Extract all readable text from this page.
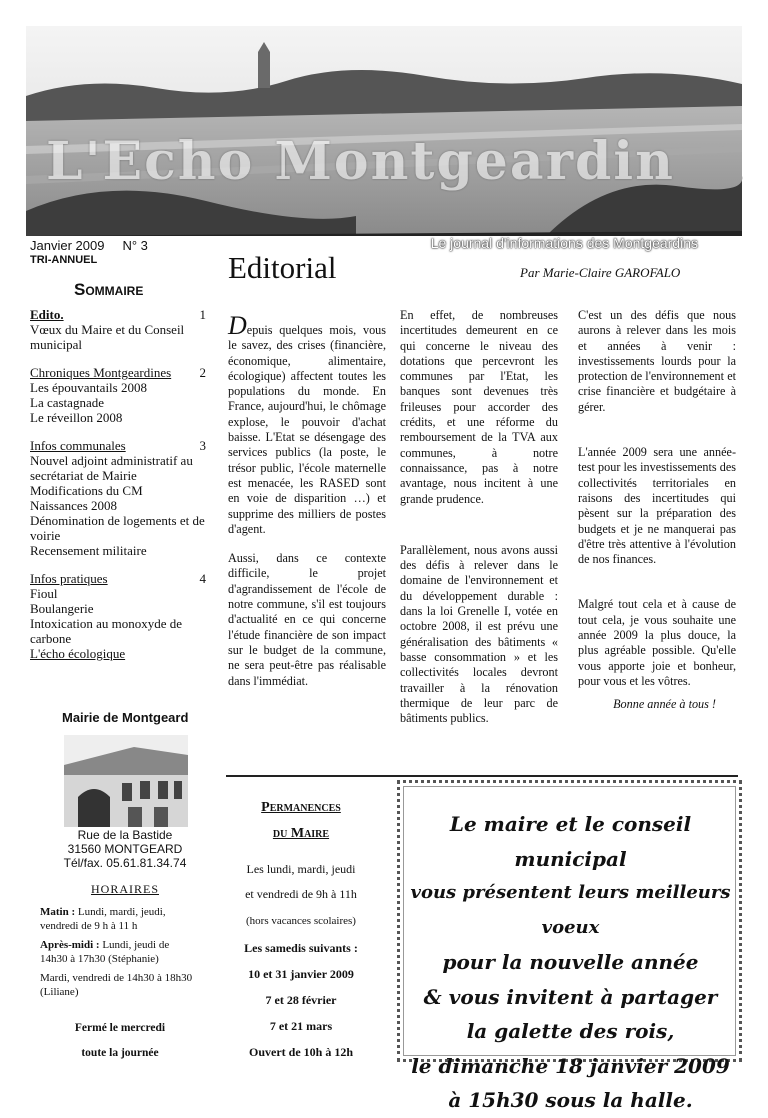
L'Echo Montgeardin
Le journal d'informations des Montgeardins
Janvier 2009 N° 3
TRI-ANNUEL
Sommaire
Edito.	1
Vœux du Maire et du Conseil municipal
Chroniques Montgeardines	2
Les épouvantails 2008
La castagnade
Le réveillon 2008
Infos communales	3
Nouvel adjoint administratif au secrétariat de Mairie
Modifications du CM
Naissances 2008
Dénomination de logements et de voirie
Recensement militaire
Infos pratiques	4
Fioul
Boulangerie
Intoxication au monoxyde de carbone
L'écho écologique
Mairie de Montgeard
Rue de la Bastide
31560 MONTGEARD
Tél/fax. 05.61.81.34.74
HORAIRES

Matin : Lundi, mardi, jeudi, vendredi de 9 h à 11 h

Après-midi : Lundi, jeudi de 14h30 à 17h30 (Stéphanie)

Mardi, vendredi de 14h30 à 18h30 (Liliane)

Fermé le mercredi
toute la journée
Editorial	Par Marie-Claire GAROFALO

Depuis quelques mois, vous le savez, des crises (financière, économique, alimentaire, écologique) affectent toutes les populations du monde. En France, aujourd'hui, le chômage explose, le pouvoir d'achat baisse. L'Etat se désengage des services publics (la poste, le trésor public, l'école maternelle est menacée, les RASED sont en voie de disparition …) et supprime des milliers de postes d'agent.

Aussi, dans ce contexte difficile, le projet d'agrandissement de l'école de notre commune, s'il est toujours d'actualité en ce qui concerne l'étude financière de son impact sur le budget de la commune, ne sera peut-être pas réalisable dans l'immédiat.

En effet, de nombreuses incertitudes demeurent en ce qui concerne le niveau des dotations que percevront les communes par l'Etat, les banques sont devenues très frileuses pour accorder des crédits, et une réforme du remboursement de la TVA aux communes, à notre connaissance, pas à notre avantage, nous incitent à une grande prudence.

Parallèlement, nous avons aussi des défis à relever dans le domaine de l'environnement et du développement durable : dans la loi Grenelle I, votée en octobre 2008, il est prévu une généralisation des bâtiments « basse consommation » et les collectivités locales devront travailler à la rénovation thermique de leur parc de bâtiments publics.

C'est un des défis que nous aurons à relever dans les mois et années à venir : investissements lourds pour la protection de l'environnement et crise financière et budgétaire à gérer.

L'année 2009 sera une année-test pour les investissements des collectivités territoriales en raisons des incertitudes qui pèsent sur la préparation des budgets et je ne manquerai pas d'être très attentive à l'évolution de nos finances.

Malgré tout cela et à cause de tout cela, je vous souhaite une année 2009 la plus douce, la plus agréable possible. Qu'elle vous apporte joie et bonheur, pour vous et les vôtres.

Bonne année à tous !

Permanences
du Maire
Les lundi, mardi, jeudi
et vendredi de 9h à 11h
(hors vacances scolaires)
Les samedis suivants :
10 et 31 janvier 2009
7 et 28 février
7 et 21 mars
Ouvert de 10h à 12h
Le maire et le conseil municipal
vous présentent leurs meilleurs voeux
pour la nouvelle année
& vous invitent à partager
la galette des rois,
le dimanche 18 janvier 2009
à 15h30 sous la halle.
